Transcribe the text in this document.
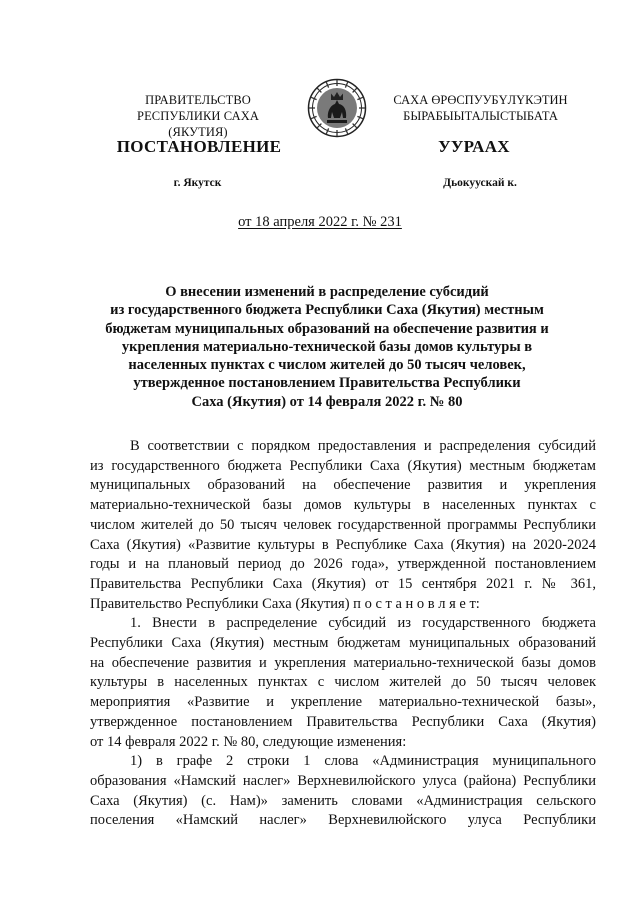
ПРАВИТЕЛЬСТВО
РЕСПУБЛИКИ САХА (ЯКУТИЯ)
САХА ӨРӨСПУУБҮЛҮКЭТИН
БЫРАБЫЫТАЛЫСТЫБАТА
ПОСТАНОВЛЕНИЕ	УУРААХ
г. Якутск	Дьокуускай к.
от 18 апреля 2022 г. № 231
О внесении изменений в распределение субсидий
из государственного бюджета Республики Саха (Якутия) местным
бюджетам муниципальных образований на обеспечение развития и
укрепления материально-технической базы домов культуры в
населенных пунктах с числом жителей до 50 тысяч человек,
утвержденное постановлением Правительства Республики
Саха (Якутия) от 14 февраля 2022 г. № 80
В соответствии с порядком предоставления и распределения субсидий
из государственного бюджета Республики Саха (Якутия) местным бюджетам
муниципальных образований на обеспечение развития и укрепления
материально-технической базы домов культуры в населенных пунктах с
числом жителей до 50 тысяч человек государственной программы Республики
Саха (Якутия) «Развитие культуры в Республике Саха (Якутия) на 2020-2024
годы и на плановый период до 2026 года», утвержденной постановлением
Правительства Республики Саха (Якутия) от 15 сентября 2021 г. № 361,
Правительство Республики Саха (Якутия) п о с т а н о в л я е т:
1. Внести в распределение субсидий из государственного бюджета
Республики Саха (Якутия) местным бюджетам муниципальных образований
на обеспечение развития и укрепления материально-технической базы домов
культуры в населенных пунктах с числом жителей до 50 тысяч человек
мероприятия «Развитие и укрепление материально-технической базы»,
утвержденное постановлением Правительства Республики Саха (Якутия)
от 14 февраля 2022 г. № 80, следующие изменения:
1) в графе 2 строки 1 слова «Администрация муниципального
образования «Намский наслег» Верхневилюйского улуса (района) Республики
Саха (Якутия) (с. Нам)» заменить словами «Администрация сельского
поселения «Намский наслег» Верхневилюйского улуса Республики
